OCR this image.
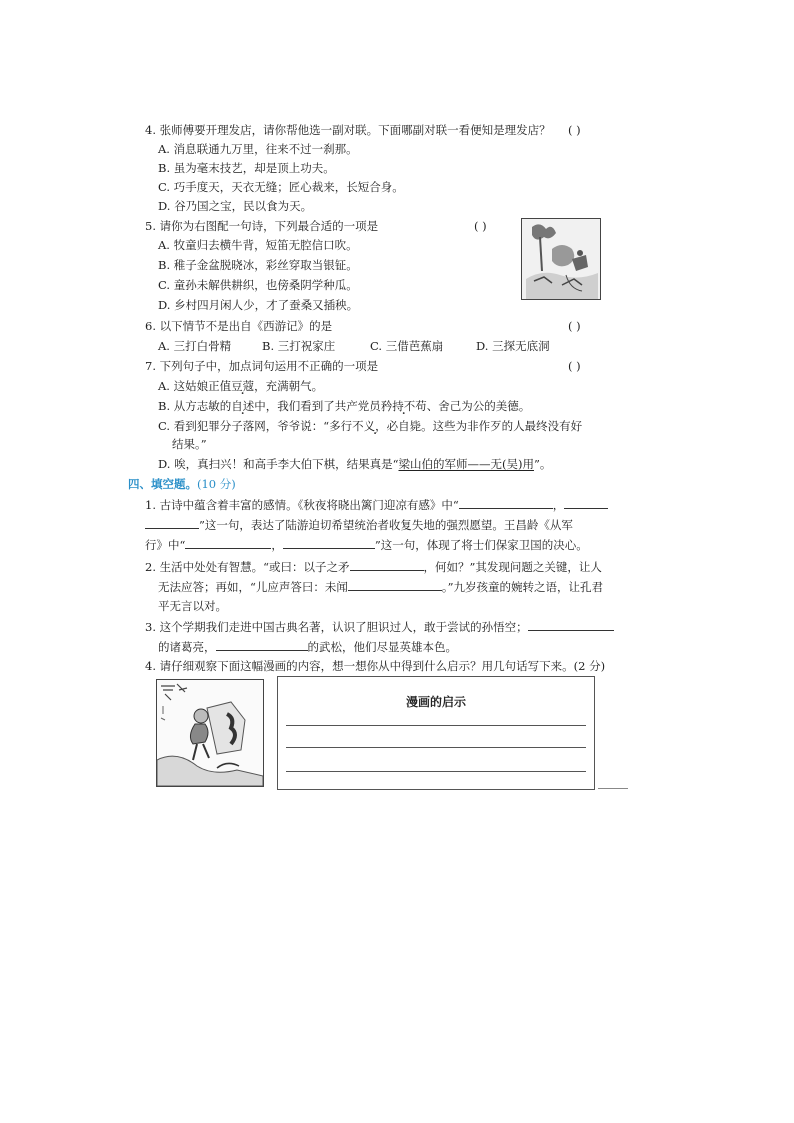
4. 张师傅要开理发店，请你帮他选一副对联。下面哪副对联一看便知是理发店？ ( )
A. 消息联通九万里，往来不过一刹那。
B. 虽为毫末技艺，却是顶上功夫。
C. 巧手度天，天衣无缝；匠心裁来，长短合身。
D. 谷乃国之宝，民以食为天。
5. 请你为右图配一句诗，下列最合适的一项是	( )
A. 牧童归去横牛背，短笛无腔信口吹。
B. 稚子金盆脱晓冰，彩丝穿取当银钲。
C. 童孙未解供耕织，也傍桑阴学种瓜。
D. 乡村四月闲人少，才了蚕桑又插秧。
6. 以下情节不是出自《西游记》的是	( )
A. 三打白骨精	B. 三打祝家庄	C. 三借芭蕉扇	D. 三探无底洞
7. 下列句子中，加点词句运用不正确的一项是	( )
A. 这姑娘正值豆蔻，充满朝气。
B. 从方志敏的自述中，我们看到了共产党员矜持不苟、舍己为公的美德。
C. 看到犯罪分子落网，爷爷说：“多行不义，必自毙 ·。这些为非作歹的人最终没有好
结果。”
D. 唉，真扫兴！和高手李大伯下棋，结果真是“梁山伯的军师——无(吴)用”。
四、填空题。(10 分)
1. 古诗中蕴含着丰富的感情。《秋夜将晓出篱门迎凉有感》中“	，
”这一句，表达了陆游迫切希望统治者收复失地的强烈愿望。王昌龄《从军
行》中“	，	”这一句，体现了将士们保家卫国的决心。
2. 生活中处处有智慧。“或曰：以子之矛	，何如？”其发现问题之关键，让人
无法应答；再如，“儿应声答曰：未闻	。”九岁孩童的婉转之语，让孔君
平无言以对。
3. 这个学期我们走进中国古典名著，认识了胆识过人，敢于尝试的孙悟空；
的诸葛亮，	的武松，他们尽显英雄本色。
4. 请仔细观察下面这幅漫画的内容，想一想你从中得到什么启示？用几句话写下来。(2 分)
漫画的启示
